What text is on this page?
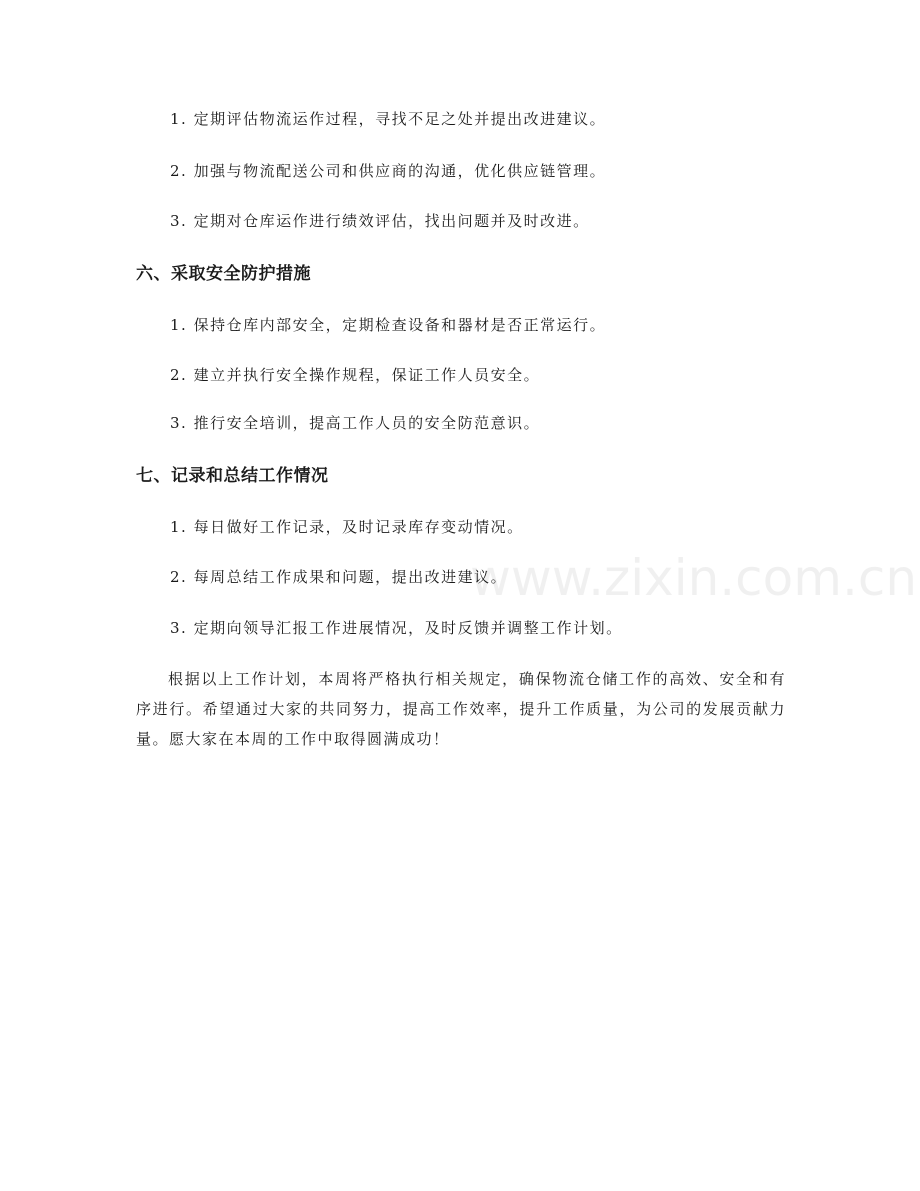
1. 定期评估物流运作过程，寻找不足之处并提出改进建议。
2. 加强与物流配送公司和供应商的沟通，优化供应链管理。
3. 定期对仓库运作进行绩效评估，找出问题并及时改进。
六、采取安全防护措施
1. 保持仓库内部安全，定期检查设备和器材是否正常运行。
2. 建立并执行安全操作规程，保证工作人员安全。
3. 推行安全培训，提高工作人员的安全防范意识。
七、记录和总结工作情况
1. 每日做好工作记录，及时记录库存变动情况。
2. 每周总结工作成果和问题，提出改进建议。
3. 定期向领导汇报工作进展情况，及时反馈并调整工作计划。
根据以上工作计划，本周将严格执行相关规定，确保物流仓储工作的高效、安全和有序进行。希望通过大家的共同努力，提高工作效率，提升工作质量，为公司的发展贡献力量。愿大家在本周的工作中取得圆满成功！
www.zixin.com.cn
